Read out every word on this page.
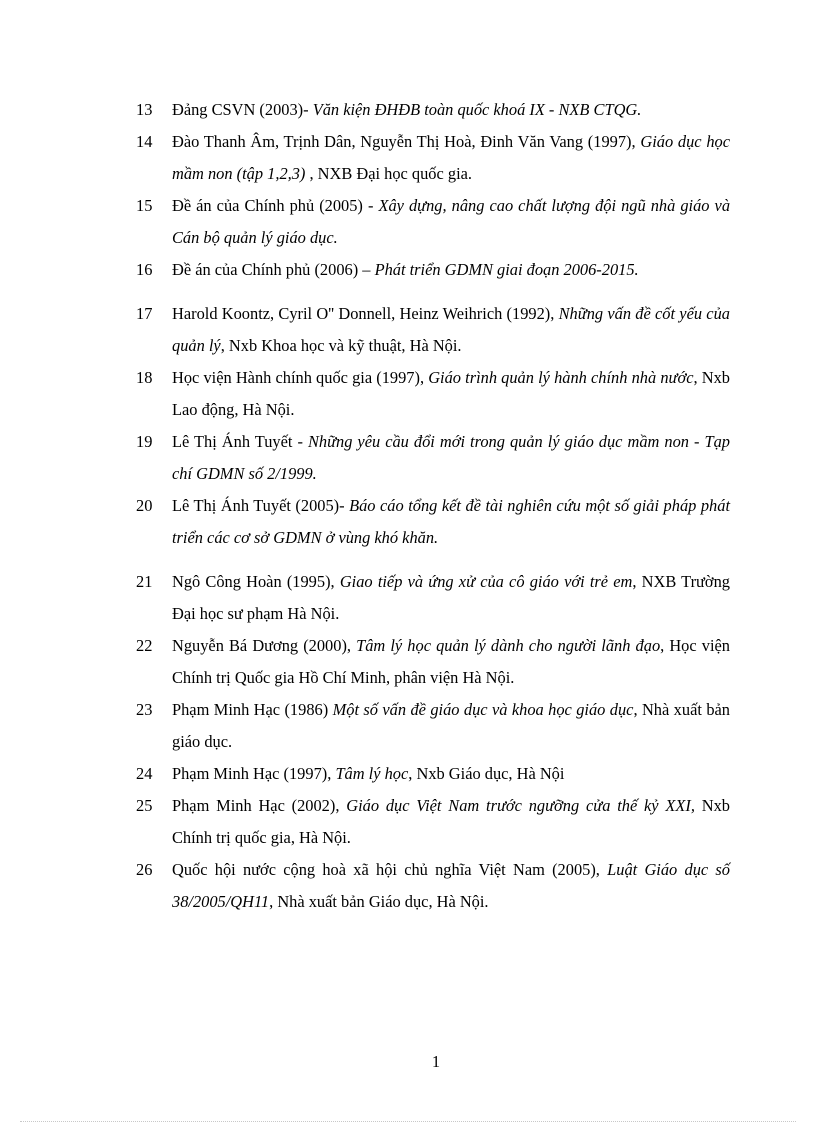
13	Đảng CSVN (2003)- Văn kiện ĐHĐB toàn quốc khoá IX - NXB CTQG.
14	Đào Thanh Âm, Trịnh Dân, Nguyễn Thị Hoà, Đinh Văn Vang (1997), Giáo dục học mầm non (tập 1,2,3) , NXB Đại học quốc gia.
15	Đề án của Chính phủ (2005) - Xây dựng, nâng cao chất lượng đội ngũ nhà giáo và Cán bộ quản lý giáo dục.
16	Đề án của Chính phủ (2006) – Phát triển GDMN giai đoạn 2006-2015.
17	Harold Koontz, Cyril O'' Donnell, Heinz Weihrich (1992), Những vấn đề cốt yếu của quản lý, Nxb Khoa học và kỹ thuật, Hà Nội.
18	Học viện Hành chính quốc gia (1997), Giáo trình quản lý hành chính nhà nước, Nxb Lao động, Hà Nội.
19	Lê Thị Ánh Tuyết - Những yêu cầu đổi mới trong quản lý giáo dục mầm non - Tạp chí GDMN số 2/1999.
20	Lê Thị Ánh Tuyết (2005)- Báo cáo tổng kết đề tài nghiên cứu một số giải pháp phát triển các cơ sở GDMN ở vùng khó khăn.
21	Ngô Công Hoàn (1995), Giao tiếp và ứng xử của cô giáo với trẻ em, NXB Trường Đại học sư phạm Hà Nội.
22	Nguyễn Bá Dương (2000), Tâm lý học quản lý dành cho người lãnh đạo, Học viện Chính trị Quốc gia Hồ Chí Minh, phân viện Hà Nội.
23	Phạm Minh Hạc (1986) Một số vấn đề giáo dục và khoa học giáo dục, Nhà xuất bản giáo dục.
24	Phạm Minh Hạc (1997), Tâm lý học, Nxb Giáo dục, Hà Nội
25	Phạm Minh Hạc (2002), Giáo dục Việt Nam trước ngưỡng cửa thế kỷ XXI, Nxb Chính trị quốc gia, Hà Nội.
26	Quốc hội nước cộng hoà xã hội chủ nghĩa Việt Nam (2005), Luật Giáo dục số 38/2005/QH11, Nhà xuất bản Giáo dục, Hà Nội.
1
